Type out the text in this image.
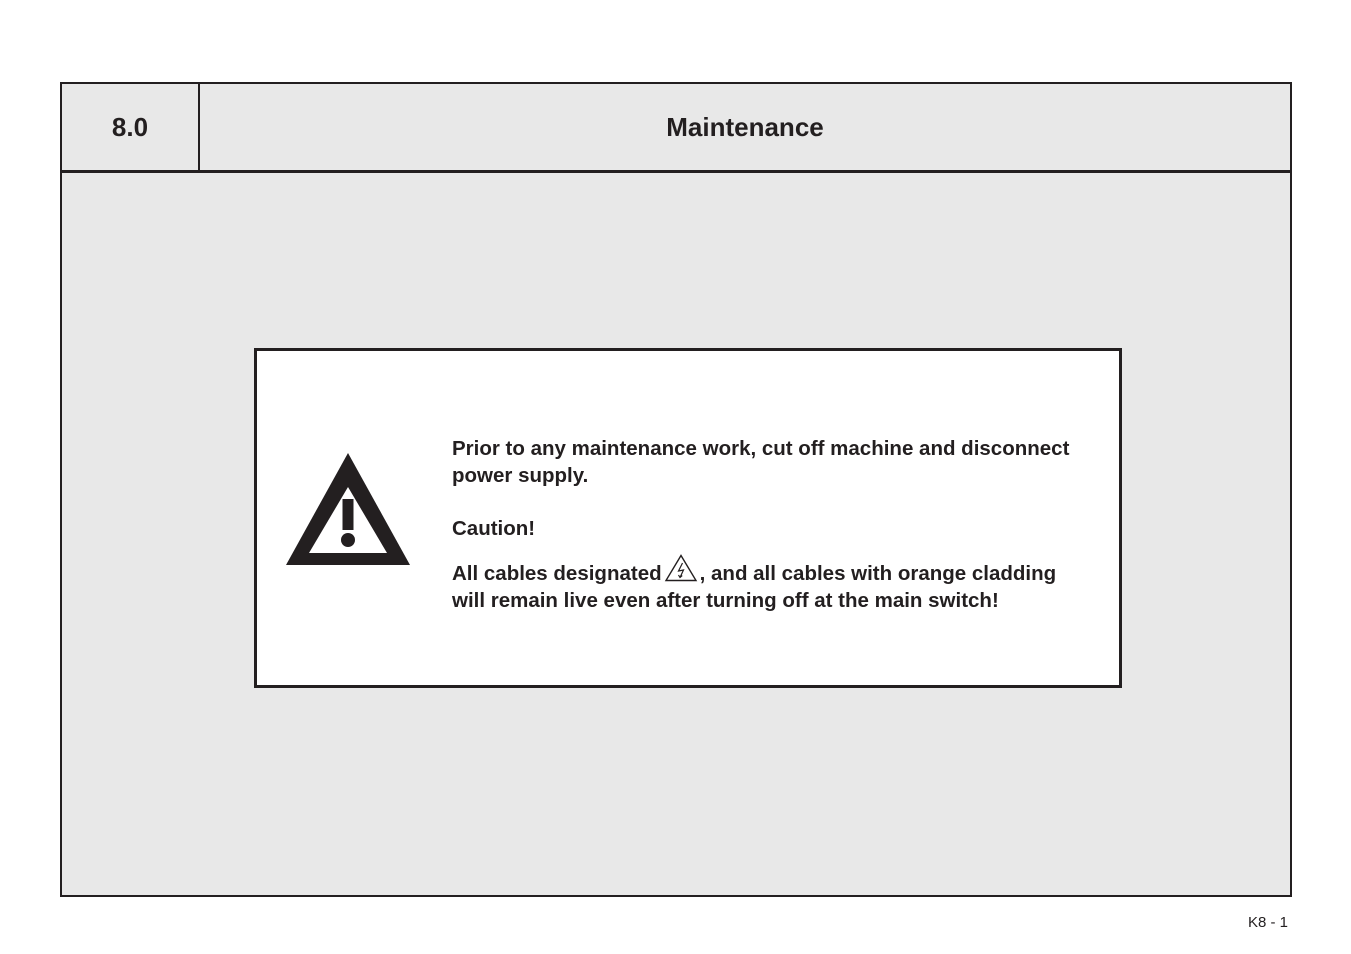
8.0	Maintenance

Prior to any maintenance work, cut off machine and disconnect power supply.

Caution!

All cables designated , and all cables with orange cladding will remain live even after turning off at the main switch!

K8 - 1
